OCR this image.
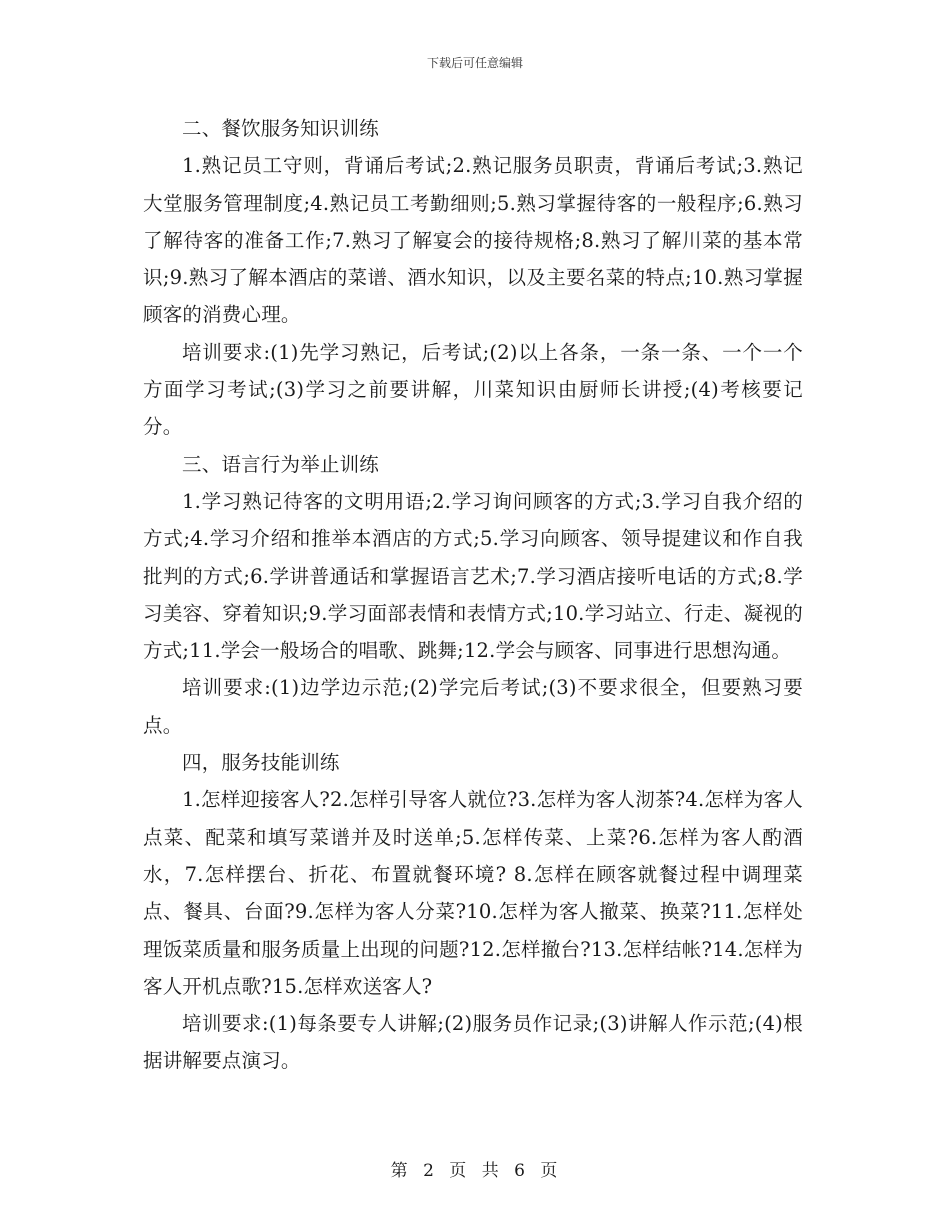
下载后可任意编辑

二、餐饮服务知识训练

1.熟记员工守则，背诵后考试;2.熟记服务员职责，背诵后考试;3.熟记大堂服务管理制度;4.熟记员工考勤细则;5.熟习掌握待客的一般程序;6.熟习了解待客的准备工作;7.熟习了解宴会的接待规格;8.熟习了解川菜的基本常识;9.熟习了解本酒店的菜谱、酒水知识，以及主要名菜的特点;10.熟习掌握顾客的消费心理。

培训要求:(1)先学习熟记，后考试;(2)以上各条，一条一条、一个一个方面学习考试;(3)学习之前要讲解，川菜知识由厨师长讲授;(4)考核要记分。

三、语言行为举止训练

1.学习熟记待客的文明用语;2.学习询问顾客的方式;3.学习自我介绍的方式;4.学习介绍和推举本酒店的方式;5.学习向顾客、领导提建议和作自我批判的方式;6.学讲普通话和掌握语言艺术;7.学习酒店接听电话的方式;8.学习美容、穿着知识;9.学习面部表情和表情方式;10.学习站立、行走、凝视的方式;11.学会一般场合的唱歌、跳舞;12.学会与顾客、同事进行思想沟通。

培训要求:(1)边学边示范;(2)学完后考试;(3)不要求很全，但要熟习要点。

四，服务技能训练

1.怎样迎接客人?2.怎样引导客人就位?3.怎样为客人沏茶?4.怎样为客人点菜、配菜和填写菜谱并及时送单;5.怎样传菜、上菜?6.怎样为客人酌酒水，7.怎样摆台、折花、布置就餐环境? 8.怎样在顾客就餐过程中调理菜点、餐具、台面?9.怎样为客人分菜?10.怎样为客人撤菜、换菜?11.怎样处理饭菜质量和服务质量上出现的问题?12.怎样撤台?13.怎样结帐?14.怎样为客人开机点歌?15.怎样欢送客人?

培训要求:(1)每条要专人讲解;(2)服务员作记录;(3)讲解人作示范;(4)根据讲解要点演习。

第 2 页 共 6 页
